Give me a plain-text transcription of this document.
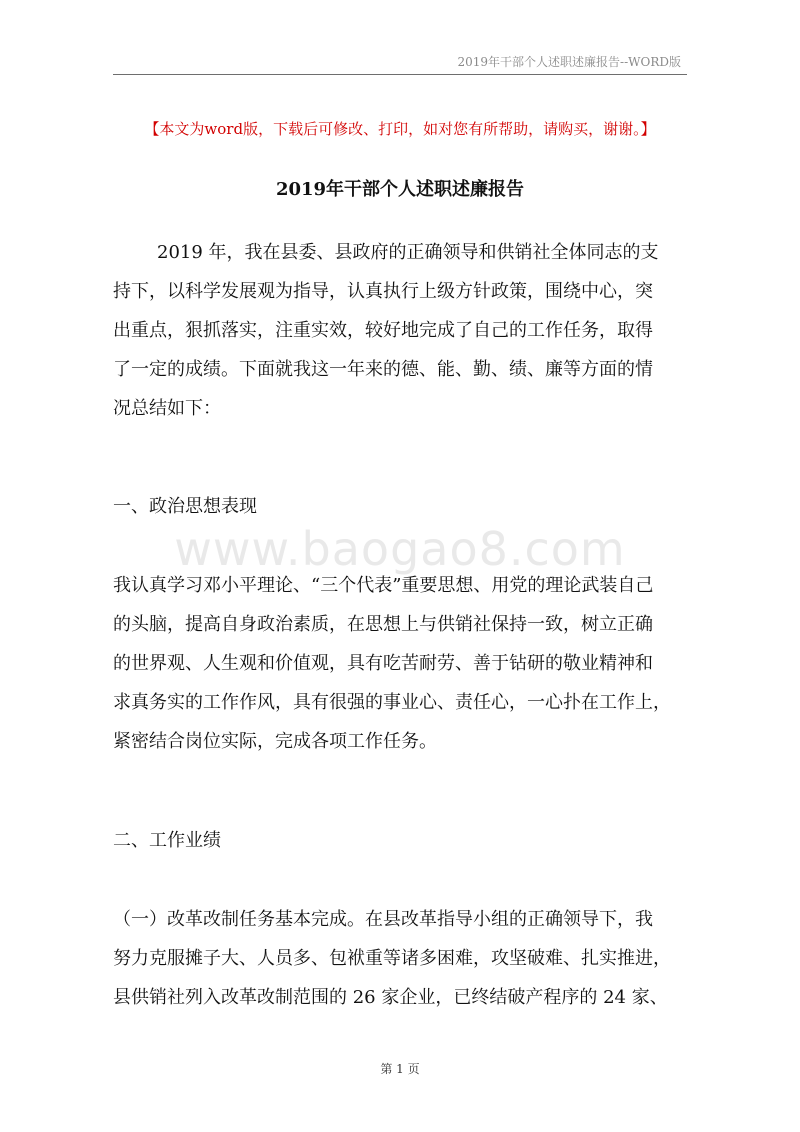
2019年干部个人述职述廉报告--WORD版
【本文为word版，下载后可修改、打印，如对您有所帮助，请购买，谢谢。】
2019年干部个人述职述廉报告
2019 年，我在县委、县政府的正确领导和供销社全体同志的支
持下，以科学发展观为指导，认真执行上级方针政策，围绕中心，突
出重点，狠抓落实，注重实效，较好地完成了自己的工作任务，取得
了一定的成绩。下面就我这一年来的德、能、勤、绩、廉等方面的情
况总结如下：
一、政治思想表现
www.baogao8.com
我认真学习邓小平理论、“三个代表”重要思想、用党的理论武装自己
的头脑，提高自身政治素质，在思想上与供销社保持一致，树立正确
的世界观、人生观和价值观，具有吃苦耐劳、善于钻研的敬业精神和
求真务实的工作作风，具有很强的事业心、责任心，一心扑在工作上，
紧密结合岗位实际，完成各项工作任务。
二、工作业绩
（一）改革改制任务基本完成。在县改革指导小组的正确领导下，我
努力克服摊子大、人员多、包袱重等诸多困难，攻坚破难、扎实推进，
县供销社列入改革改制范围的 26 家企业，已终结破产程序的 24 家、
第 1 页
